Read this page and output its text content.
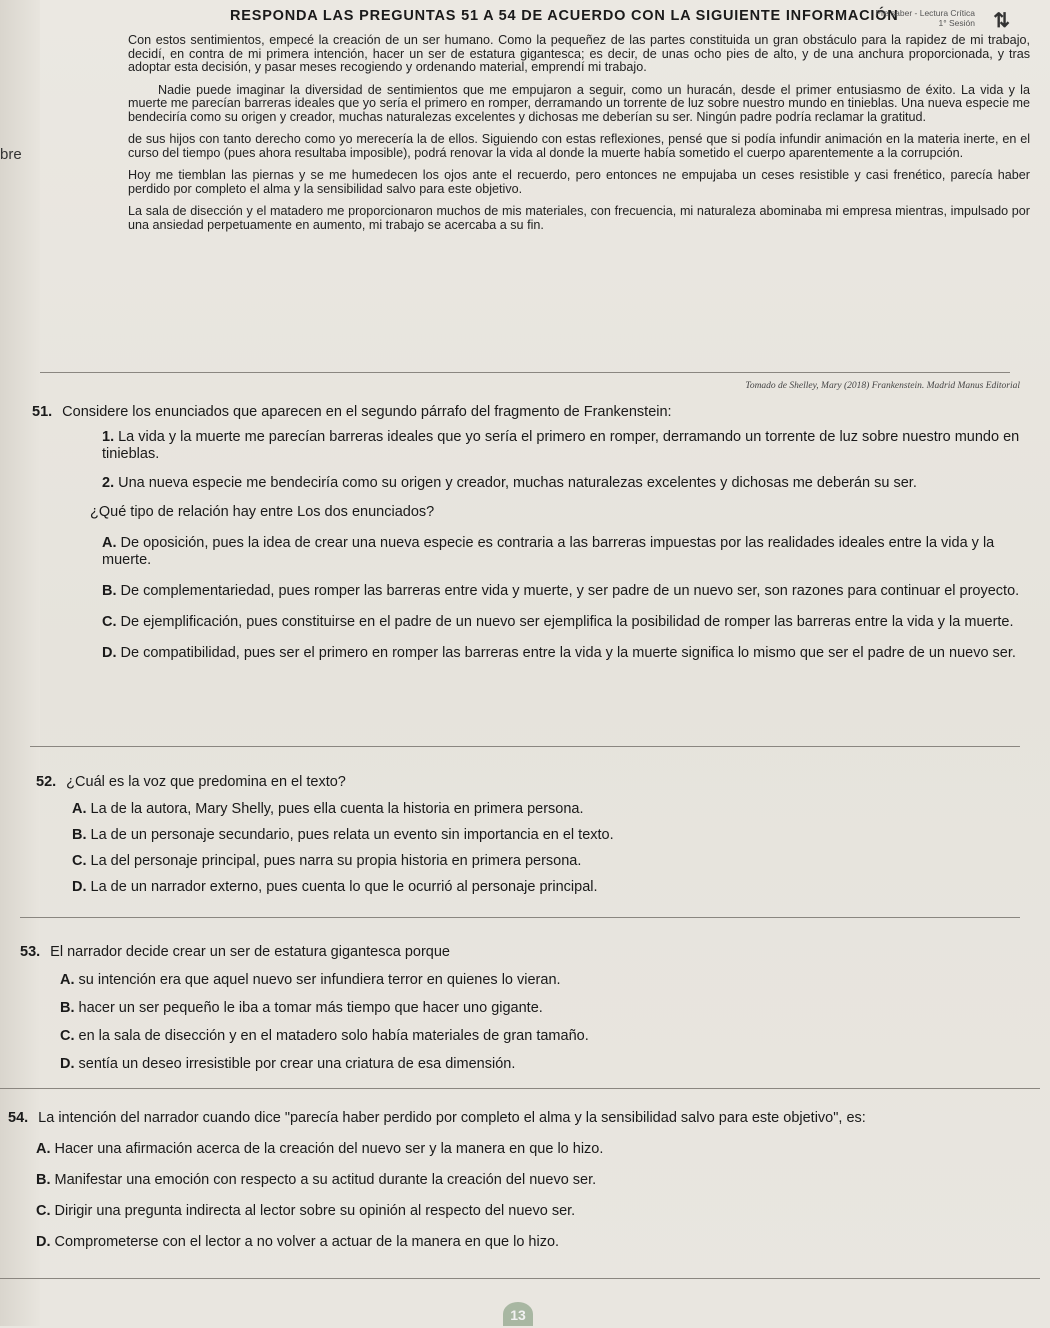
bre
RESPONDA LAS PREGUNTAS 51 A 54 DE ACUERDO CON LA SIGUIENTE INFORMACIÓN
Pre saber - Lectura Crítica
1° Sesión ⇅

Con estos sentimientos, empecé la creación de un ser humano. Como la pequeñez de las partes constituida un gran obstáculo para la rapidez de mi trabajo, decidí, en contra de mi primera intención, hacer un ser de estatura gigantesca; es decir, de unas ocho pies de alto, y de una anchura proporcionada, y tras adoptar esta decisión, y pasar meses recogiendo y ordenando material, emprendí mi trabajo.

Nadie puede imaginar la diversidad de sentimientos que me empujaron a seguir, como un huracán, desde el primer entusiasmo de éxito. La vida y la muerte me parecían barreras ideales que yo sería el primero en romper, derramando un torrente de luz sobre nuestro mundo en tinieblas. Una nueva especie me bendeciría como su origen y creador, muchas naturalezas excelentes y dichosas me deberían su ser. Ningún padre podría reclamar la gratitud.

de sus hijos con tanto derecho como yo merecería la de ellos. Siguiendo con estas reflexiones, pensé que si podía infundir animación en la materia inerte, en el curso del tiempo (pues ahora resultaba imposible), podrá renovar la vida al donde la muerte había sometido el cuerpo aparentemente a la corrupción.

Hoy me tiemblan las piernas y se me humedecen los ojos ante el recuerdo, pero entonces ne empujaba un ceses resistible y casi frenético, parecía haber perdido por completo el alma y la sensibilidad salvo para este objetivo.

La sala de disección y el matadero me proporcionaron muchos de mis materiales, con frecuencia, mi naturaleza abominaba mi empresa mientras, impulsado por una ansiedad perpetuamente en aumento, mi trabajo se acercaba a su fin.

Tomado de Shelley, Mary (2018) Frankenstein. Madrid Manus Editorial

51. Considere los enunciados que aparecen en el segundo párrafo del fragmento de Frankenstein:

1. La vida y la muerte me parecían barreras ideales que yo sería el primero en romper, derramando un torrente de luz sobre nuestro mundo en tinieblas.

2. Una nueva especie me bendeciría como su origen y creador, muchas naturalezas excelentes y dichosas me deberán su ser.

¿Qué tipo de relación hay entre Los dos enunciados?

A. De oposición, pues la idea de crear una nueva especie es contraria a las barreras impuestas por las realidades ideales entre la vida y la muerte.

B. De complementariedad, pues romper las barreras entre vida y muerte, y ser padre de un nuevo ser, son razones para continuar el proyecto.

C. De ejemplificación, pues constituirse en el padre de un nuevo ser ejemplifica la posibilidad de romper las barreras entre la vida y la muerte.

D. De compatibilidad, pues ser el primero en romper las barreras entre la vida y la muerte significa lo mismo que ser el padre de un nuevo ser.

52. ¿Cuál es la voz que predomina en el texto?

A. La de la autora, Mary Shelly, pues ella cuenta la historia en primera persona.

B. La de un personaje secundario, pues relata un evento sin importancia en el texto.

C. La del personaje principal, pues narra su propia historia en primera persona.

D. La de un narrador externo, pues cuenta lo que le ocurrió al personaje principal.

53. El narrador decide crear un ser de estatura gigantesca porque

A. su intención era que aquel nuevo ser infundiera terror en quienes lo vieran.

B. hacer un ser pequeño le iba a tomar más tiempo que hacer uno gigante.

C. en la sala de disección y en el matadero solo había materiales de gran tamaño.

D. sentía un deseo irresistible por crear una criatura de esa dimensión.

54. La intención del narrador cuando dice "parecía haber perdido por completo el alma y la sensibilidad salvo para este objetivo", es:

A. Hacer una afirmación acerca de la creación del nuevo ser y la manera en que lo hizo.

B. Manifestar una emoción con respecto a su actitud durante la creación del nuevo ser.

C. Dirigir una pregunta indirecta al lector sobre su opinión al respecto del nuevo ser.

D. Comprometerse con el lector a no volver a actuar de la manera en que lo hizo.

13
